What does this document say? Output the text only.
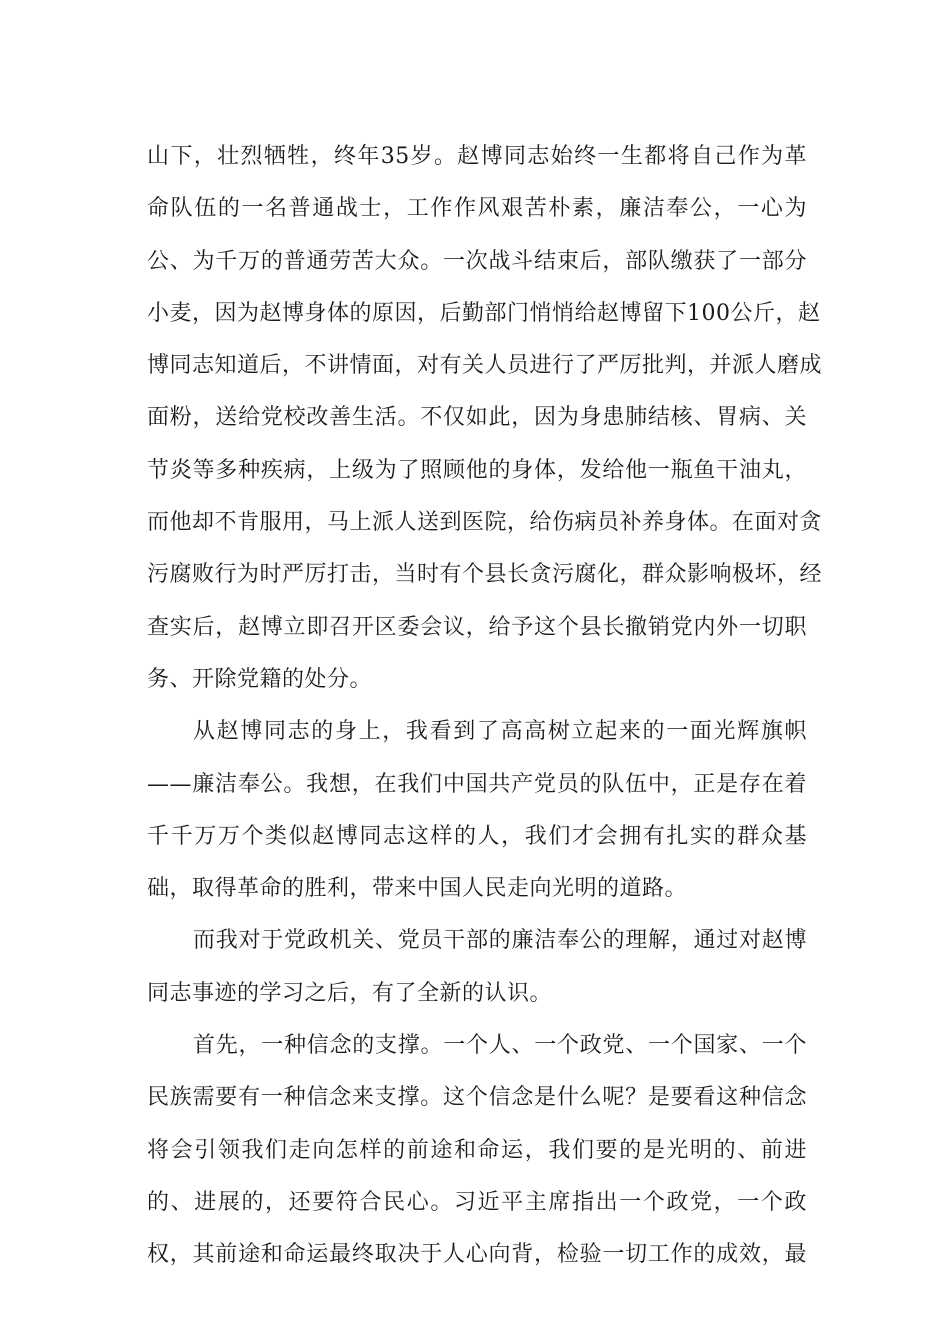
山下，壮烈牺牲，终年35岁。赵博同志始终一生都将自己作为革
命队伍的一名普通战士，工作作风艰苦朴素，廉洁奉公，一心为
公、为千万的普通劳苦大众。一次战斗结束后，部队缴获了一部分
小麦，因为赵博身体的原因，后勤部门悄悄给赵博留下100公斤，赵
博同志知道后，不讲情面，对有关人员进行了严厉批判，并派人磨成
面粉，送给党校改善生活。不仅如此，因为身患肺结核、胃病、关
节炎等多种疾病，上级为了照顾他的身体，发给他一瓶鱼干油丸，
而他却不肯服用，马上派人送到医院，给伤病员补养身体。在面对贪
污腐败行为时严厉打击，当时有个县长贪污腐化，群众影响极坏，经
查实后，赵博立即召开区委会议，给予这个县长撤销党内外一切职
务、开除党籍的处分。
从赵博同志的身上，我看到了高高树立起来的一面光辉旗帜
——廉洁奉公。我想，在我们中国共产党员的队伍中，正是存在着
千千万万个类似赵博同志这样的人，我们才会拥有扎实的群众基
础，取得革命的胜利，带来中国人民走向光明的道路。
而我对于党政机关、党员干部的廉洁奉公的理解，通过对赵博
同志事迹的学习之后，有了全新的认识。
首先，一种信念的支撑。一个人、一个政党、一个国家、一个
民族需要有一种信念来支撑。这个信念是什么呢？是要看这种信念
将会引领我们走向怎样的前途和命运，我们要的是光明的、前进
的、进展的，还要符合民心。习近平主席指出一个政党，一个政
权，其前途和命运最终取决于人心向背，检验一切工作的成效，最
